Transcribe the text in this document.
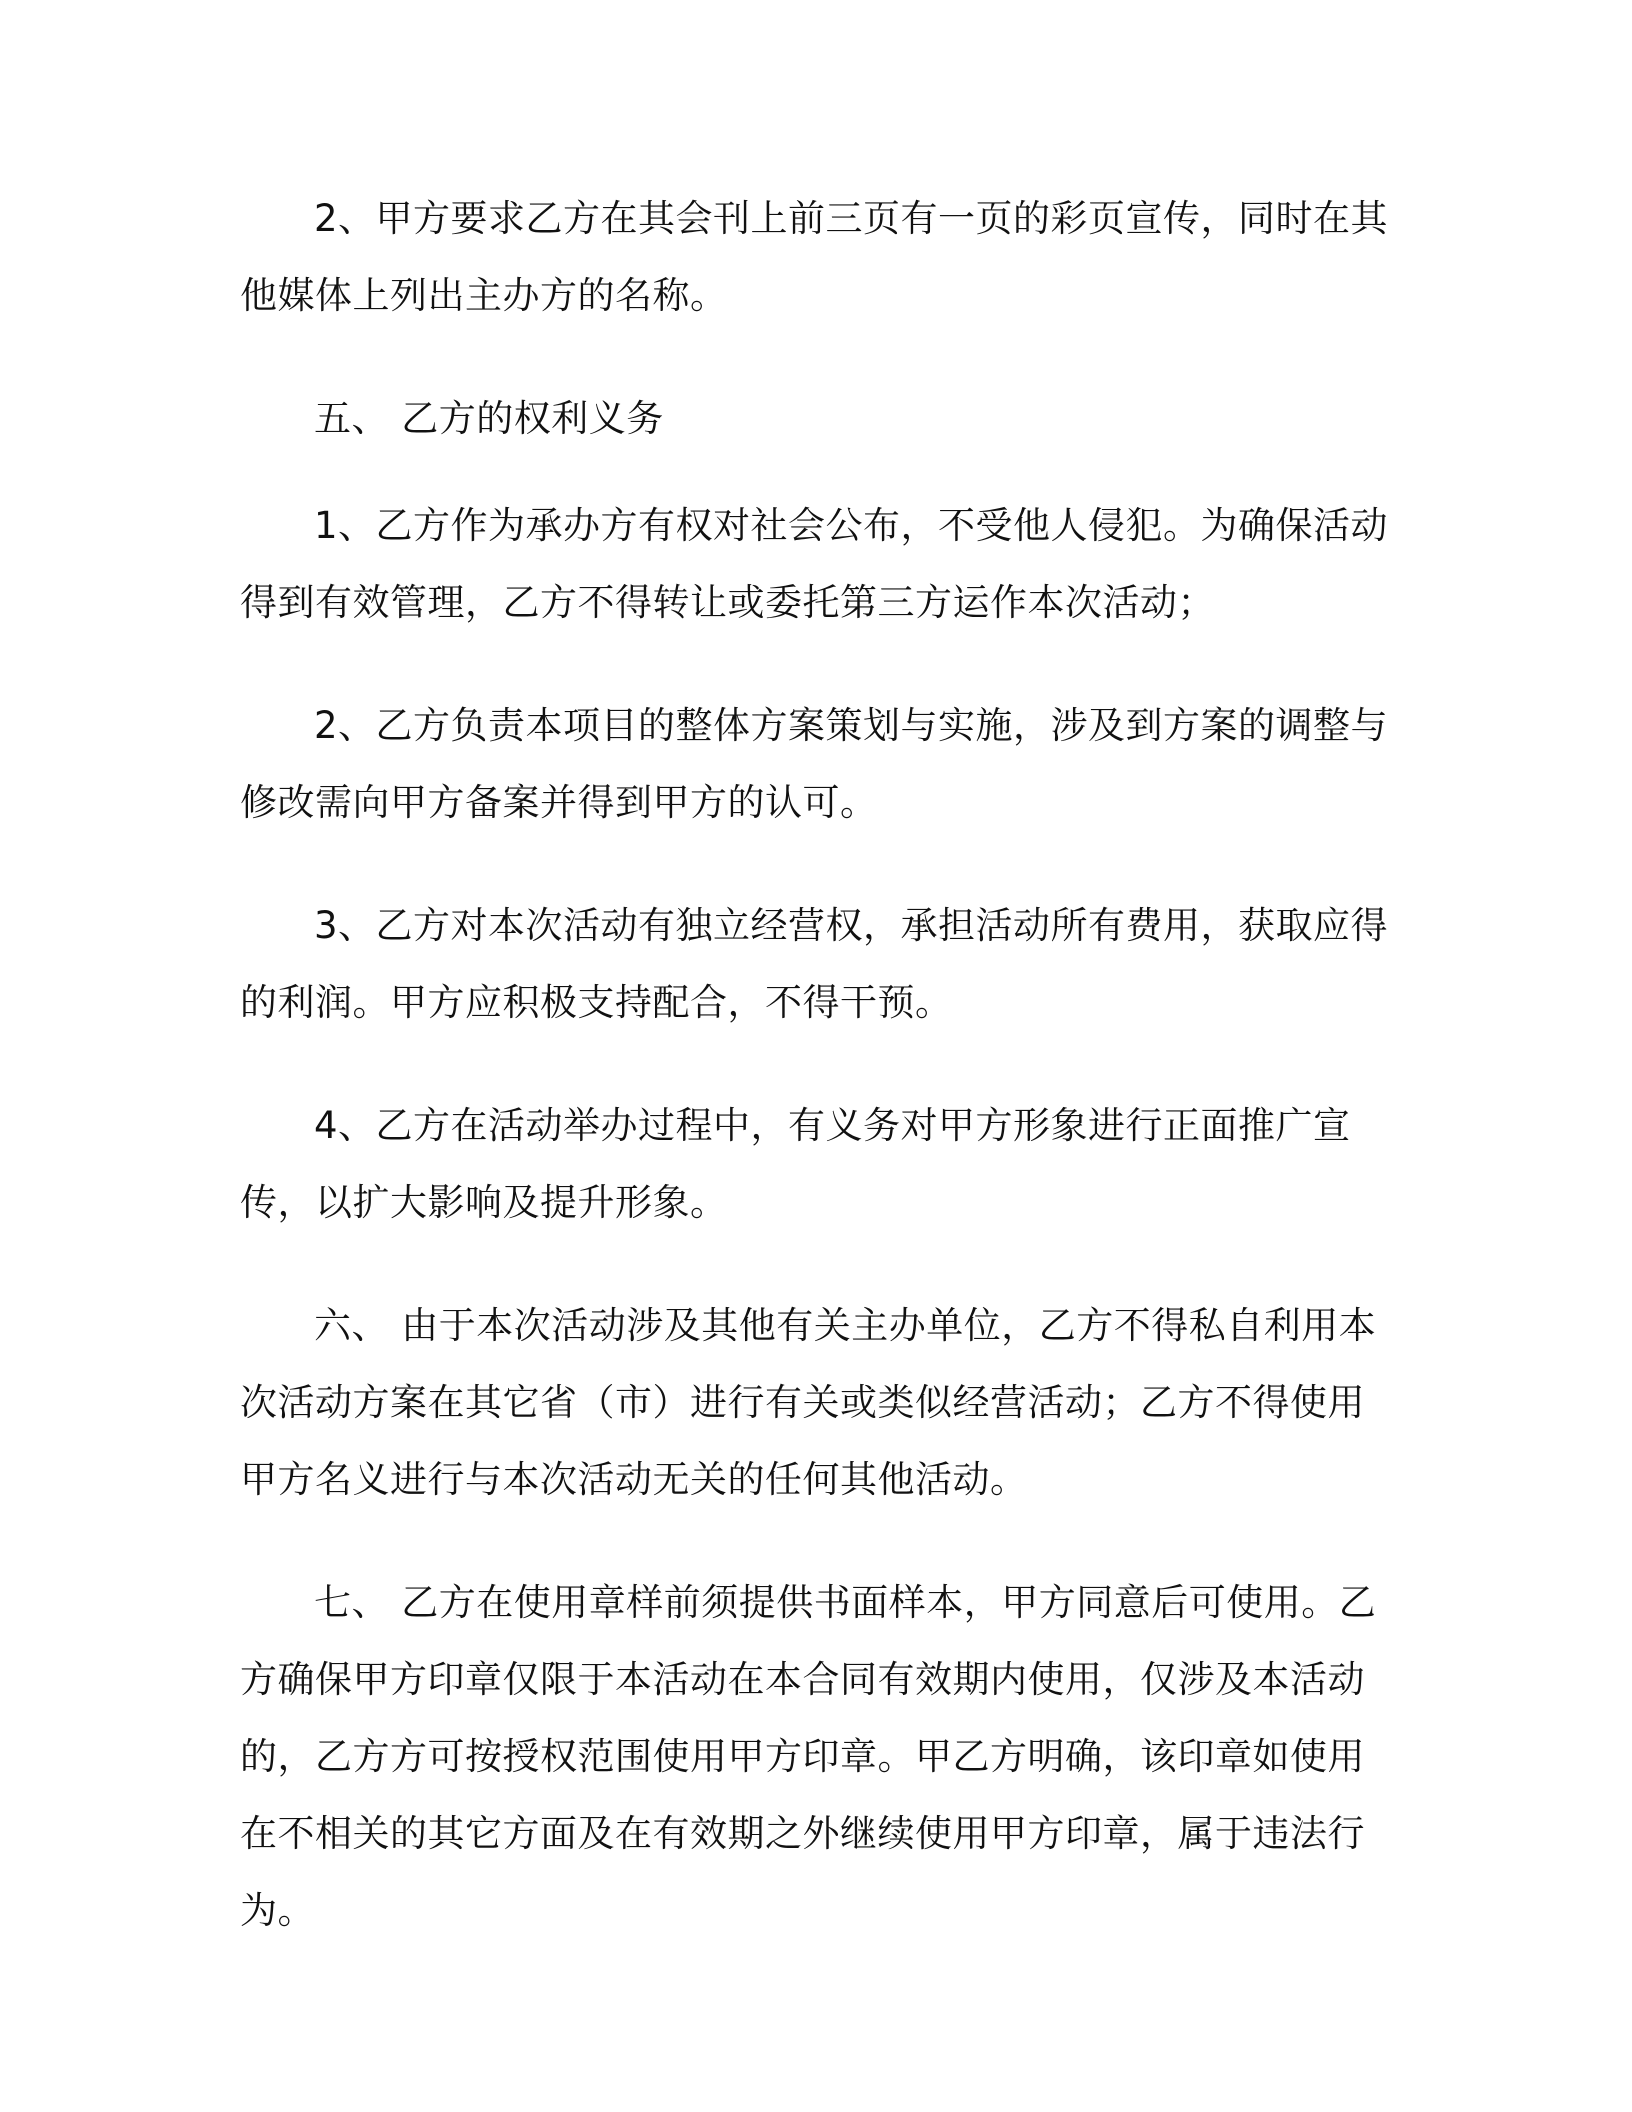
2、甲方要求乙方在其会刊上前三页有一页的彩页宣传，同时在其他媒体上列出主办方的名称。

五、 乙方的权利义务

1、乙方作为承办方有权对社会公布，不受他人侵犯。为确保活动得到有效管理，乙方不得转让或委托第三方运作本次活动；

2、乙方负责本项目的整体方案策划与实施，涉及到方案的调整与修改需向甲方备案并得到甲方的认可。

3、乙方对本次活动有独立经营权，承担活动所有费用，获取应得的利润。甲方应积极支持配合，不得干预。

4、乙方在活动举办过程中，有义务对甲方形象进行正面推广宣传，以扩大影响及提升形象。

六、 由于本次活动涉及其他有关主办单位，乙方不得私自利用本次活动方案在其它省（市）进行有关或类似经营活动；乙方不得使用甲方名义进行与本次活动无关的任何其他活动。

七、 乙方在使用章样前须提供书面样本，甲方同意后可使用。乙方确保甲方印章仅限于本活动在本合同有效期内使用，仅涉及本活动的，乙方方可按授权范围使用甲方印章。甲乙方明确，该印章如使用在不相关的其它方面及在有效期之外继续使用甲方印章，属于违法行为。
